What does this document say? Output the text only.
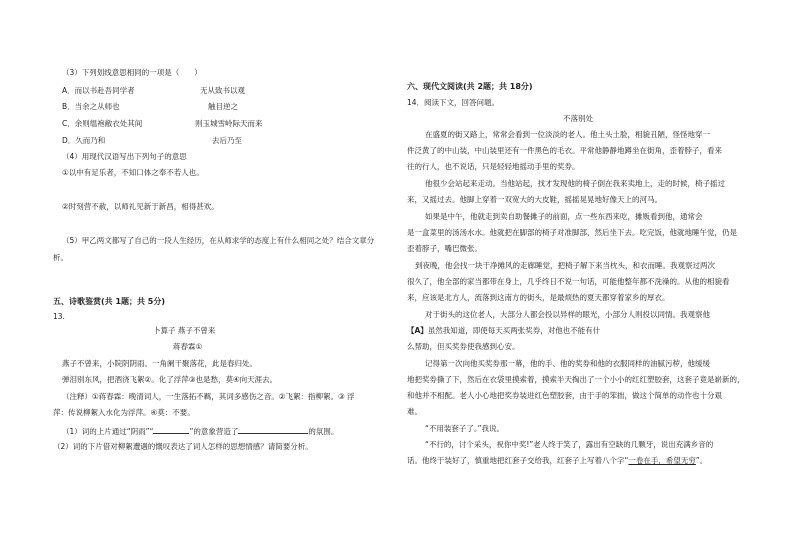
（3）下列划线意思相同的一项是（　　）
A．而以书赴吾同学者	无从致书以观
B．当余之从师也	触目逆之
C．余则缊袍敝衣处其间	则玉城雪岭际天而来
D．久而乃和	去后乃至
（4）用现代汉语写出下列句子的意思
①以中有足乐者，不知口体之奉不若人也。
②时刻营不赦，以师礼见新于新昌，相得甚欢。
（5）甲乙两文都写了自己的一段人生经历，在从师求学的态度上有什么相同之处？结合文章分
析。
五、诗歌鉴赏(共 1题；共 5分)
13.
卜算子 燕子不曾来
蒋春霖①
燕子不曾来，小院阴阴雨。一角阑干聚落花，此是春归处。
弹泪别东风，把酒浇飞絮②。化了浮萍③也是愁，莫④向天涯去。
（注释）①蒋春霖：晚清词人，一生落拓不羁，其词多感伤之音。②飞絮：指柳絮。③ 浮
萍：传说柳絮入水化为浮萍。④莫：不要。
（1）词的上片通过“阴雨”“	”的意象营造了	的氛围。
（2）词的下片借对柳絮遭遇的慨叹表达了词人怎样的思想情感？请简要分析。
六、现代文阅读(共 2题；共 18分)
14．阅读下文，回答问题。
不落别处
在盛夏的街又路上，常常会看到一位淡淡的老人。他土头土脸，相貌丑陋，怪怪地穿一
件泛黄了的中山装，中山装里还有一件黑色的毛衣。平常他静静地蹲坐在街角，歪着脖子，看来
往的行人，也不说话，只是轻轻地摇动手里的奖券。
他很少会站起来走动。当他站起，找才发现他的椅子倒在我来卖地上，走的时候，椅子摇过
来，又摇过去。他脚上穿着一双宽大的大皮鞋，摇摇晃晃地好像天上的河马。
如果是中午，他就走到卖自助餐摊子的前面，点一些东西来吃，摊贩看到他，通常会
是一盒菜里的汤汤水水。他就把在脚部的椅子对准脚部，然后坐下去。吃完饭，他就地睡午觉，仍是
歪着脖子，嘴巴微张。
到夜晚，他会找一块干净摊风的走廊睡觉，把椅子解下来当枕头，和衣而睡。我观察过两次
很久了，他全部的家当都带在身上，几乎终日不说一句话，可能他整年都不洗澡的。从他的相貌看
来，应该是北方人，流落到这南方的街头，是最烦热的夏天都穿着家乡的厚衣。
对于街头的这位老人，大部分人都会投以异样的眼光，小部分人则投以同情。我观察他
【A】虽然我知道，即使每天买两张奖券，对他也不能有什
么帮助，但买奖券使我感到心安。
记得第一次向他买奖券那一幕，他的手、他的奖券和他的衣服同样的油腻污秽，他缓缓
地把奖券撕了下，然后在衣袋里摸索着，摸索半天掏出了一个小小的红红塑胶套，这套子竟是崭新的，
和他并不相配。老人小心地把奖券装进红色塑胶套，由于手的笨拙，做这个简单的动作也十分艰
难。
“不用装套子了。”我说。
“不行的，讨个采头，祝你中奖!”老人终于笑了，露出有空缺的几颗牙，说出充满乡音的
话。他终于装好了，慎重地把红套子交给我，红套子上写着八个字“一卷在手，希望无穷”。
